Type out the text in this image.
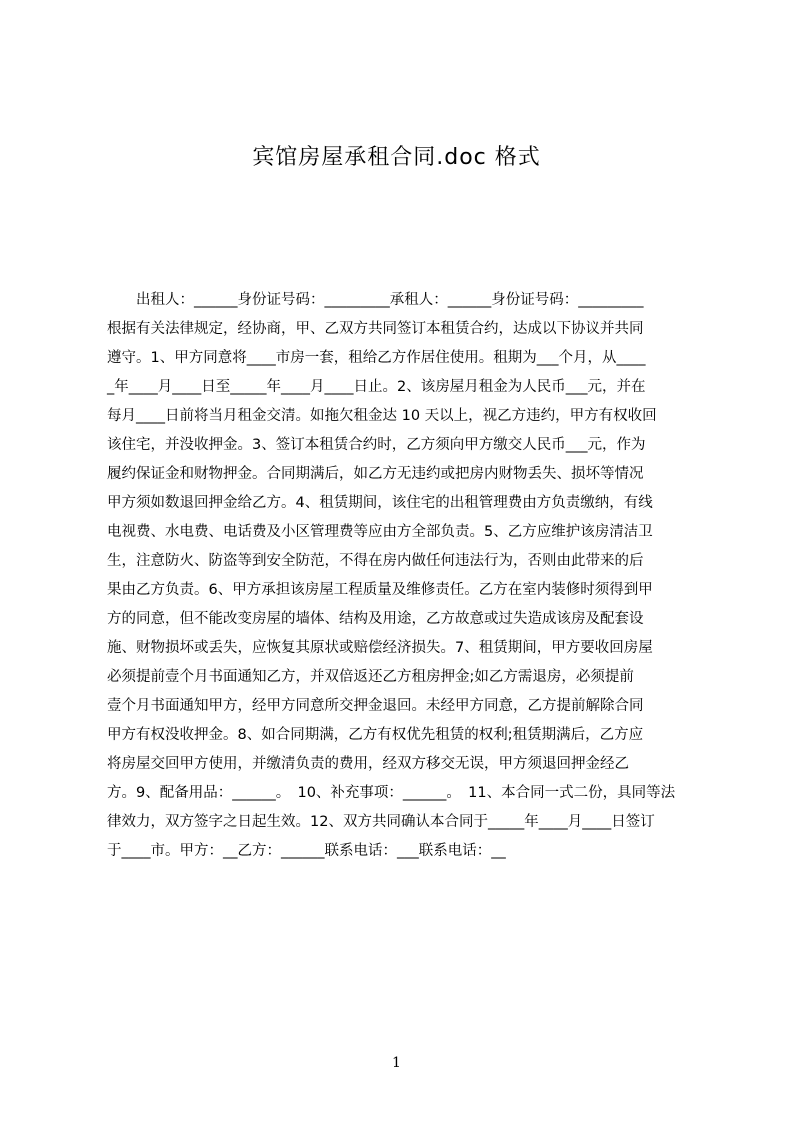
宾馆房屋承租合同.doc 格式
　　出租人：______身份证号码：_________承租人：______身份证号码：_________
根据有关法律规定，经协商，甲、乙双方共同签订本租赁合约，达成以下协议并共同
遵守。1、甲方同意将____市房一套，租给乙方作居住使用。租期为___个月，从____
_年____月____日至_____年____月____日止。2、该房屋月租金为人民币___元，并在
每月____日前将当月租金交清。如拖欠租金达 10 天以上，视乙方违约，甲方有权收回
该住宅，并没收押金。3、签订本租赁合约时，乙方须向甲方缴交人民币___元，作为
履约保证金和财物押金。合同期满后，如乙方无违约或把房内财物丢失、损坏等情况
甲方须如数退回押金给乙方。4、租赁期间，该住宅的出租管理费由方负责缴纳，有线
电视费、水电费、电话费及小区管理费等应由方全部负责。5、乙方应维护该房清洁卫
生，注意防火、防盗等到安全防范，不得在房内做任何违法行为，否则由此带来的后
果由乙方负责。6、甲方承担该房屋工程质量及维修责任。乙方在室内装修时须得到甲
方的同意，但不能改变房屋的墙体、结构及用途，乙方故意或过失造成该房及配套设
施、财物损坏或丢失，应恢复其原状或赔偿经济损失。7、租赁期间，甲方要收回房屋
必须提前壹个月书面通知乙方，并双倍返还乙方租房押金;如乙方需退房，必须提前
壹个月书面通知甲方，经甲方同意所交押金退回。未经甲方同意，乙方提前解除合同
甲方有权没收押金。8、如合同期满，乙方有权优先租赁的权利;租赁期满后，乙方应
将房屋交回甲方使用，并缴清负责的费用，经双方移交无误，甲方须退回押金经乙
方。9、配备用品：______。　10、补充事项：______。　11、本合同一式二份，具同等法
律效力，双方签字之日起生效。12、双方共同确认本合同于_____年____月____日签订
于____市。甲方：__乙方：______联系电话：___联系电话：__
1
